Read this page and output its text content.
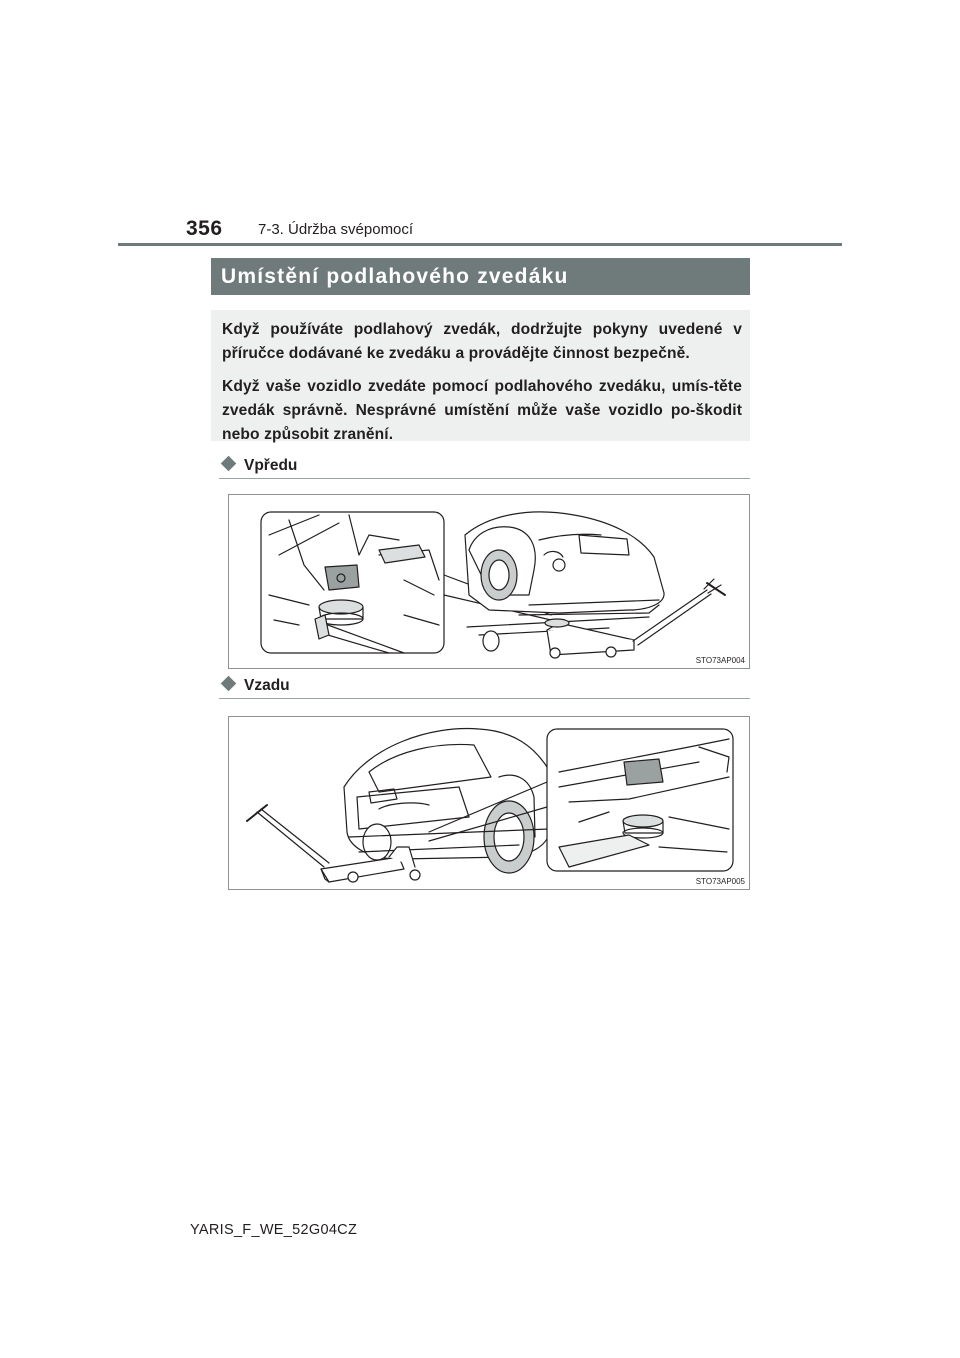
356 7-3. Údržba svépomocí
Umístění podlahového zvedáku

Když používáte podlahový zvedák, dodržujte pokyny uvedené v příručce dodávané ke zvedáku a provádějte činnost bezpečně.

Když vaše vozidlo zvedáte pomocí podlahového zvedáku, umís-těte zvedák správně. Nesprávné umístění může vaše vozidlo po-škodit nebo způsobit zranění.

Vpředu
STO73AP004
Vzadu
STO73AP005
YARIS_F_WE_52G04CZ
